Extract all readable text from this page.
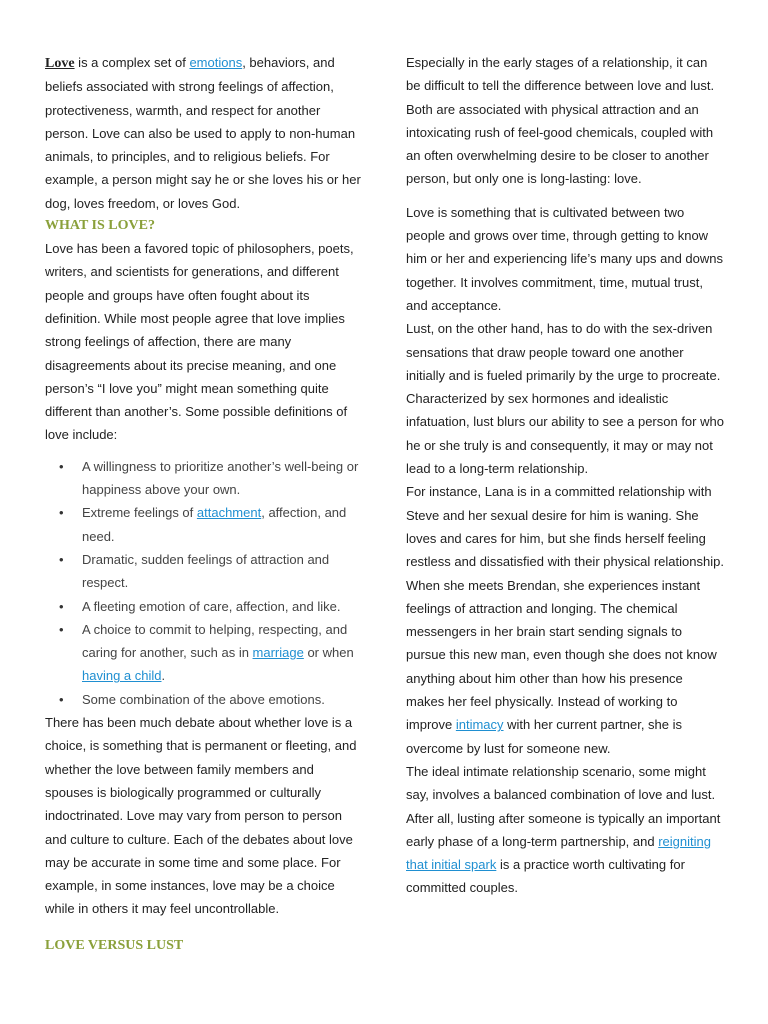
Love is a complex set of emotions, behaviors, and beliefs associated with strong feelings of affection, protectiveness, warmth, and respect for another person. Love can also be used to apply to non-human animals, to principles, and to religious beliefs. For example, a person might say he or she loves his or her dog, loves freedom, or loves God.

WHAT IS LOVE?

Love has been a favored topic of philosophers, poets, writers, and scientists for generations, and different people and groups have often fought about its definition. While most people agree that love implies strong feelings of affection, there are many disagreements about its precise meaning, and one person’s “I love you” might mean something quite different than another’s. Some possible definitions of love include:

• A willingness to prioritize another’s well-being or happiness above your own.
• Extreme feelings of attachment, affection, and need.
• Dramatic, sudden feelings of attraction and respect.
• A fleeting emotion of care, affection, and like.
• A choice to commit to helping, respecting, and caring for another, such as in marriage or when having a child.
• Some combination of the above emotions.

There has been much debate about whether love is a choice, is something that is permanent or fleeting, and whether the love between family members and spouses is biologically programmed or culturally indoctrinated. Love may vary from person to person and culture to culture. Each of the debates about love may be accurate in some time and some place. For example, in some instances, love may be a choice while in others it may feel uncontrollable.

LOVE VERSUS LUST

Especially in the early stages of a relationship, it can be difficult to tell the difference between love and lust. Both are associated with physical attraction and an intoxicating rush of feel-good chemicals, coupled with an often overwhelming desire to be closer to another person, but only one is long-lasting: love.

Love is something that is cultivated between two people and grows over time, through getting to know him or her and experiencing life’s many ups and downs together. It involves commitment, time, mutual trust, and acceptance.

Lust, on the other hand, has to do with the sex-driven sensations that draw people toward one another initially and is fueled primarily by the urge to procreate. Characterized by sex hormones and idealistic infatuation, lust blurs our ability to see a person for who he or she truly is and consequently, it may or may not lead to a long-term relationship.

For instance, Lana is in a committed relationship with Steve and her sexual desire for him is waning. She loves and cares for him, but she finds herself feeling restless and dissatisfied with their physical relationship. When she meets Brendan, she experiences instant feelings of attraction and longing. The chemical messengers in her brain start sending signals to pursue this new man, even though she does not know anything about him other than how his presence makes her feel physically. Instead of working to improve intimacy with her current partner, she is overcome by lust for someone new.

The ideal intimate relationship scenario, some might say, involves a balanced combination of love and lust. After all, lusting after someone is typically an important early phase of a long-term partnership, and reigniting that initial spark is a practice worth cultivating for committed couples.
